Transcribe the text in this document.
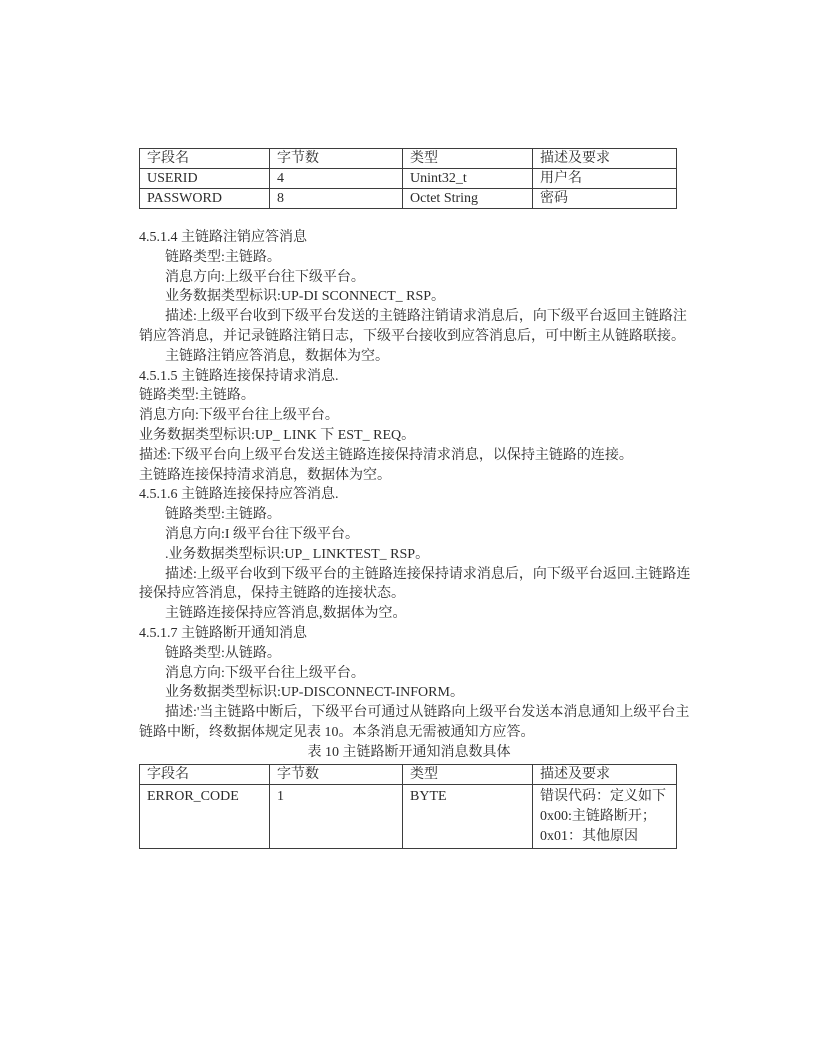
字段名	字节数	类型	描述及要求
USERID	4	Unint32_t	用户名
PASSWORD	8	Octet String	密码
4.5.1.4 主链路注销应答消息
链路类型:主链路。
消息方向:上级平台往下级平台。
业务数据类型标识:UP-DI SCONNECT_ RSP。
描述:上级平台收到下级平台发送的主链路注销请求消息后，向下级平台返回主链路注
销应答消息，并记录链路注销日志，下级平台接收到应答消息后，可中断主从链路联接。
主链路注销应答消息，数据体为空。
4.5.1.5 主链路连接保持请求消息.
链路类型:主链路。
消息方向:下级平台往上级平台。
业务数据类型标识:UP_ LINK 下 EST_ REQ。
描述:下级平台向上级平台发送主链路连接保持清求消息，以保持主链路的连接。
主链路连接保持清求消息，数据体为空。
4.5.1.6 主链路连接保持应答消息.
链路类型:主链路。
消息方向:I 级平台往下级平台。
.业务数据类型标识:UP_ LINKTEST_ RSP。
描述:上级平台收到下级平台的主链路连接保持请求消息后，向下级平台返回.主链路连
接保持应答消息，保持主链路的连接状态。
主链路连接保持应答消息,数据体为空。
4.5.1.7 主链路断开通知消息
链路类型:从链路。
消息方向:下级平台往上级平台。
业务数据类型标识:UP-DISCONNECT-INFORM。
描述:'当主链路中断后，下级平台可通过从链路向上级平台发送本消息通知上级平台主
链路中断，终数据体规定见表 10。本条消息无需被通知方应答。
表 10 主链路断开通知消息数具体
字段名	字节数	类型	描述及要求
ERROR_CODE	1	BYTE	错误代码：定义如下
0x00:主链路断开；
0x01：其他原因
